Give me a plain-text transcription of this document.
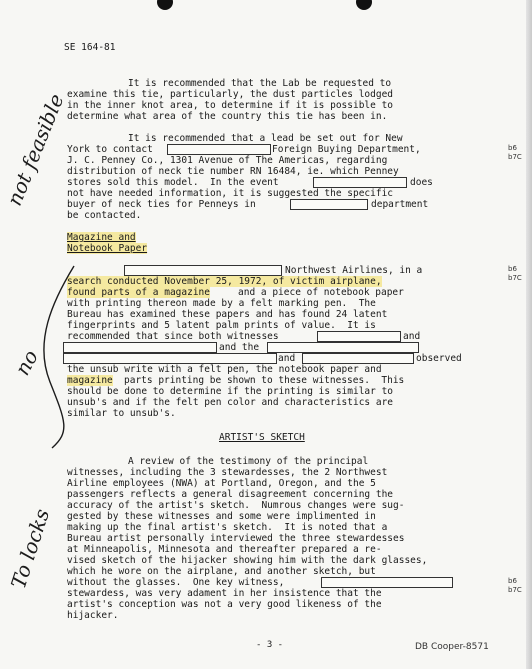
SE 164-81
It is recommended that the Lab be requested to
examine this tie, particularly, the dust particles lodged
in the inner knot area, to determine if it is possible to
determine what area of the country this tie has been in.
It is recommended that a lead be set out for New
York to contact	Foreign Buying Department,
J. C. Penney Co., 1301 Avenue of The Americas, regarding
distribution of neck tie number RN 16484, ie. which Penney
stores sold this model.  In the event	does
not have needed information, it is suggested the specific
buyer of neck ties for Penneys in	department
be contacted.
Magazine and
Notebook Paper
Northwest Airlines, in a
search conducted November 25, 1972, of victim airplane,
found parts of a magazine	and a piece of notebook paper
with printing thereon made by a felt marking pen.  The
Bureau has examined these papers and has found 24 latent
fingerprints and 5 latent palm prints of value.  It is
recommended that since both witnesses	and
and the
and	observed
the unsub write with a felt pen, the notebook paper and
magazine parts printing be shown to these witnesses.  This
should be done to determine if the printing is similar to
unsub's and if the felt pen color and characteristics are
similar to unsub's.
ARTIST'S SKETCH
A review of the testimony of the principal
witnesses, including the 3 stewardesses, the 2 Northwest
Airline employees (NWA) at Portland, Oregon, and the 5
passengers reflects a general disagreement concerning the
accuracy of the artist's sketch.  Numrous changes were sug-
gested by these witnesses and some were implimented in
making up the final artist's sketch.  It is noted that a
Bureau artist personally interviewed the three stewardesses
at Minneapolis, Minnesota and thereafter prepared a re-
vised sketch of the hijacker showing him with the dark glasses,
which he wore on the airplane, and another sketch, but
without the glasses.  One key witness,
stewardess, was very adament in her insistence that the
artist's conception was not a very good likeness of the
hijacker.
b6
b7C
b6
b7C
b6
b7C
not feasible
no
To locks
- 3 -	DB Cooper-8571
